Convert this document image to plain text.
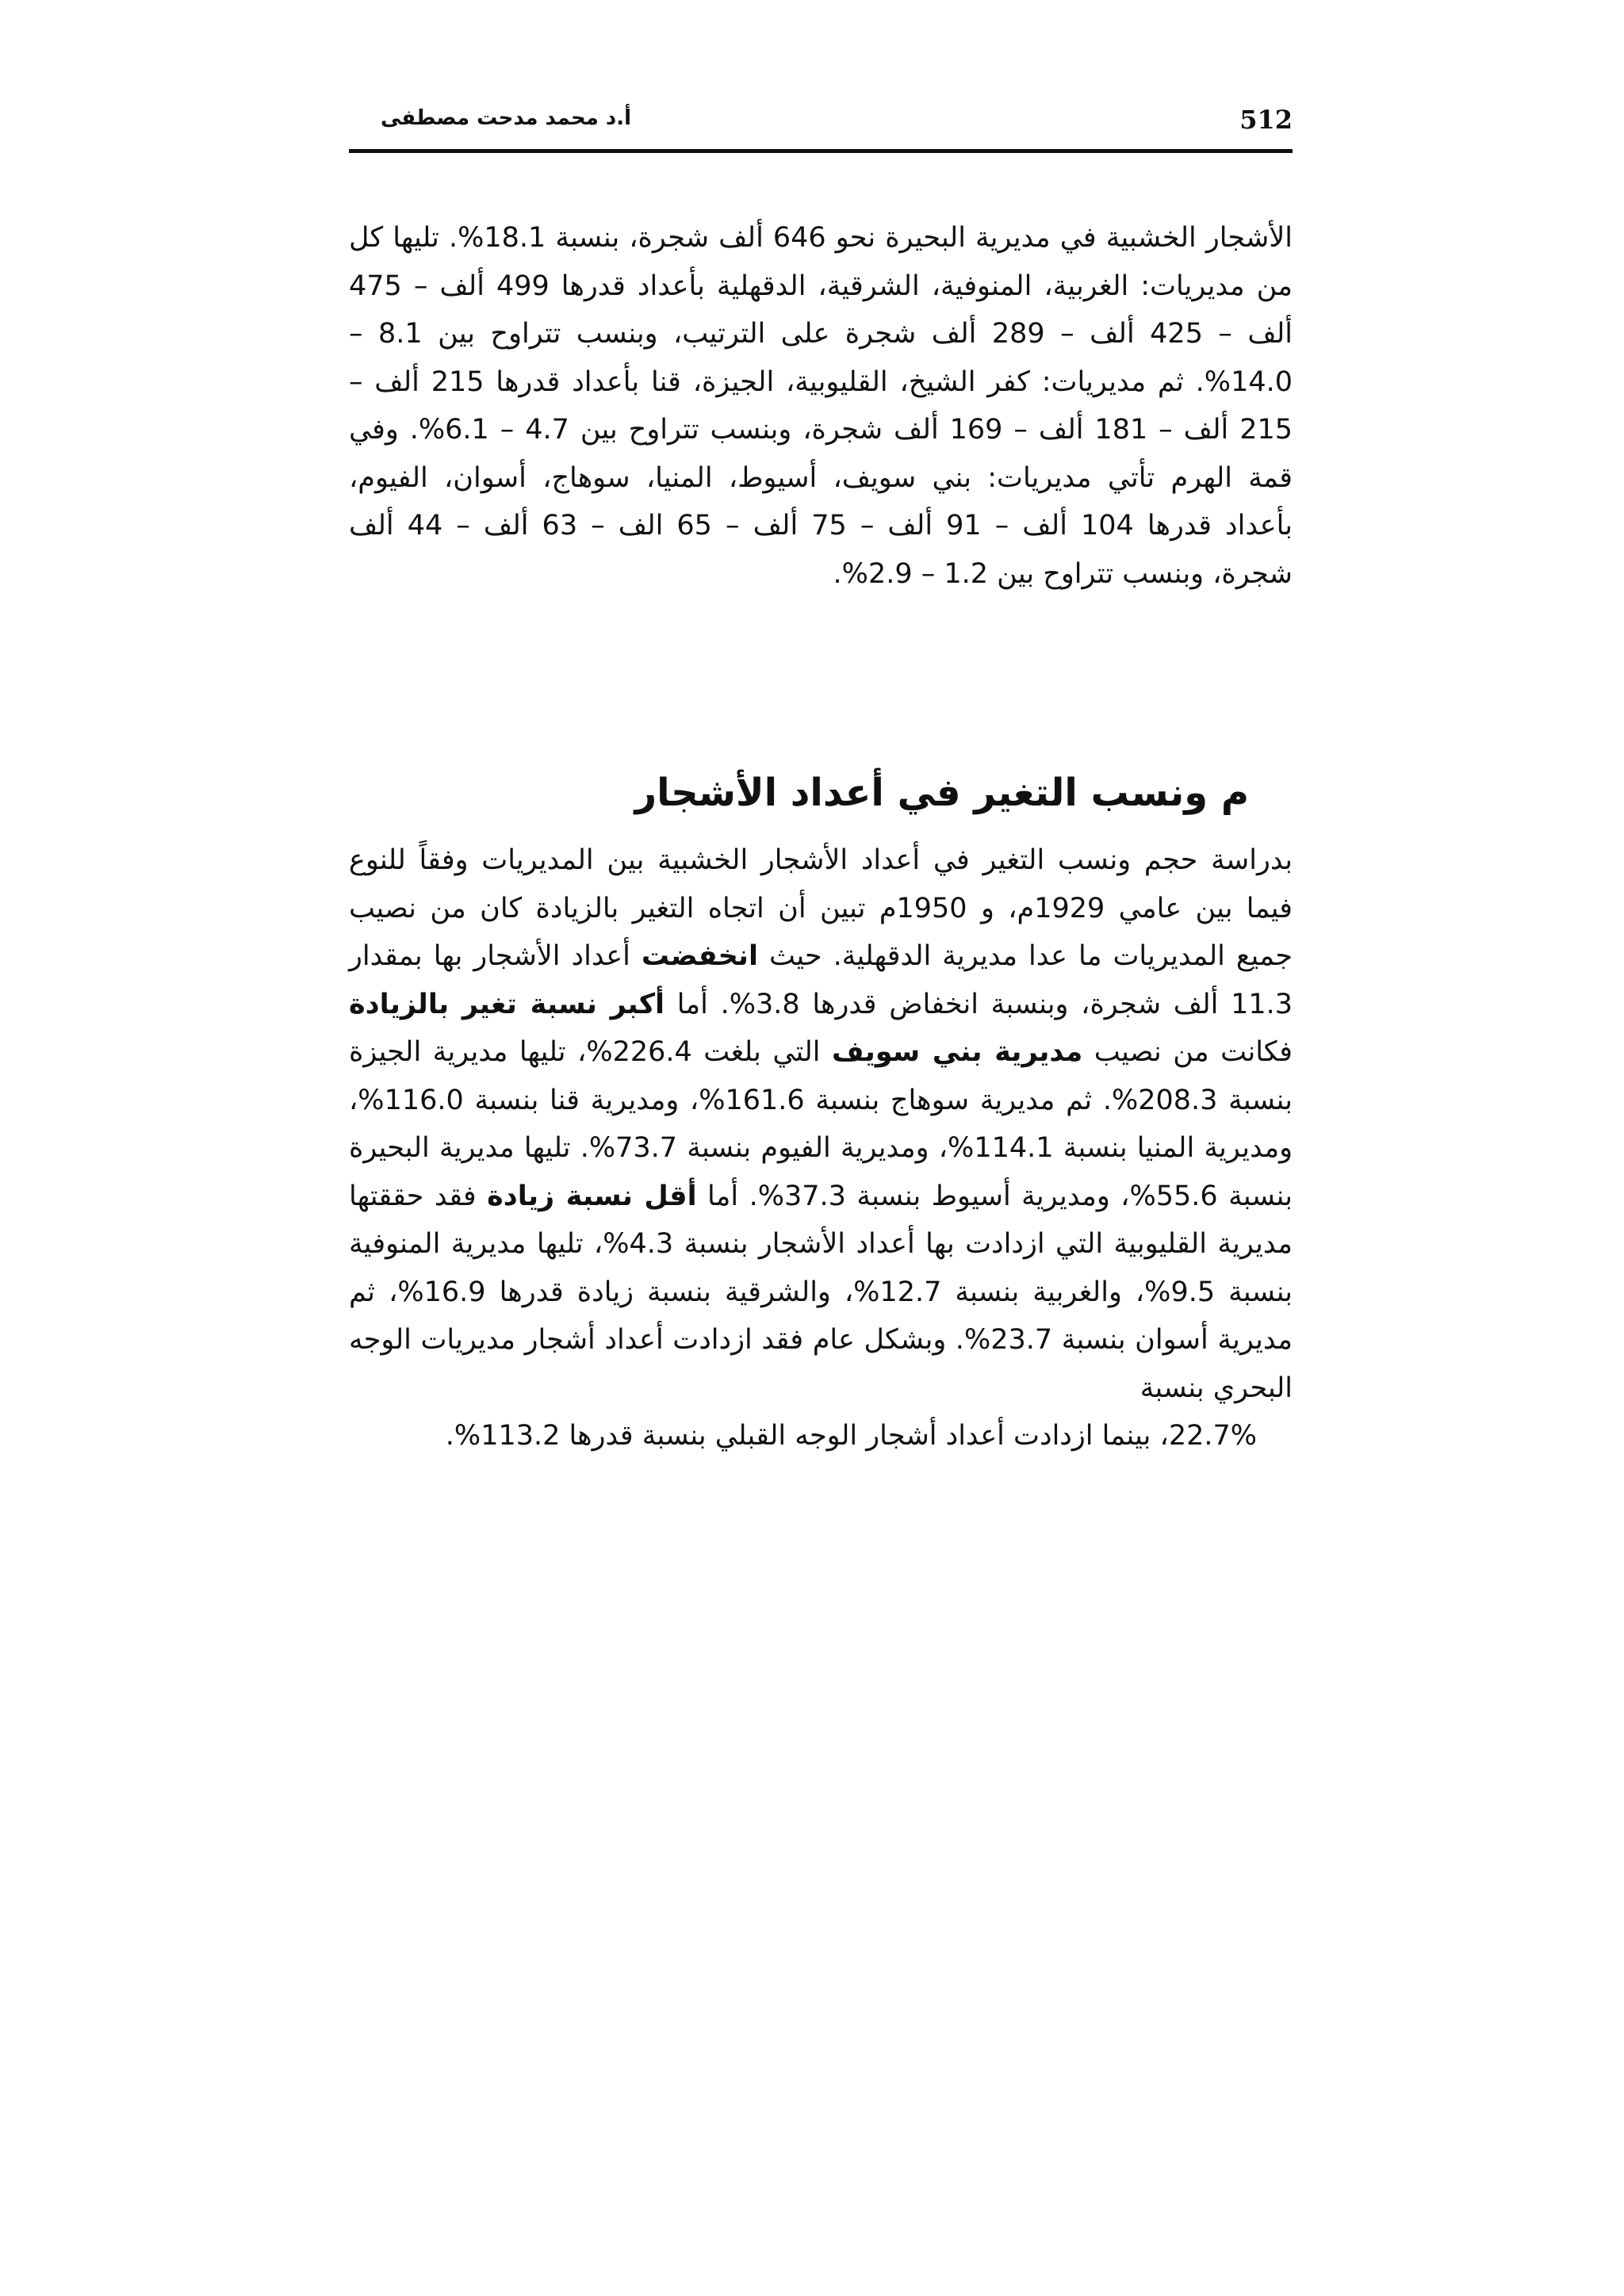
512
أ.د محمد مدحت مصطفى

الأشجار الخشبية في مديرية البحيرة نحو 646 ألف شجرة، بنسبة 18.1%. تليها كل من مديريات: الغربية، المنوفية، الشرقية، الدقهلية بأعداد قدرها 499 ألف – 475 ألف – 425 ألف – 289 ألف شجرة على الترتيب، وبنسب تتراوح بين 8.1 – 14.0%. ثم مديريات: كفر الشيخ، القليوبية، الجيزة، قنا بأعداد قدرها 215 ألف – 215 ألف – 181 ألف – 169 ألف شجرة، وبنسب تتراوح بين 4.7 – 6.1%. وفي قمة الهرم تأتي مديريات: بني سويف، أسيوط، المنيا، سوهاج، أسوان، الفيوم، بأعداد قدرها 104 ألف – 91 ألف – 75 ألف – 65 الف – 63 ألف – 44 ألف شجرة، وبنسب تتراوح بين 1.2 – 2.9%.

م ونسب التغير في أعداد الأشجار

بدراسة حجم ونسب التغير في أعداد الأشجار الخشبية بين المديريات وفقاً للنوع فيما بين عامي 1929م، و 1950م تبين أن اتجاه التغير بالزيادة كان من نصيب جميع المديريات ما عدا مديرية الدقهلية. حيث انخفضت أعداد الأشجار بها بمقدار 11.3 ألف شجرة، وبنسبة انخفاض قدرها 3.8%. أما أكبر نسبة تغير بالزيادة فكانت من نصيب مديرية بني سويف التي بلغت 226.4%، تليها مديرية الجيزة بنسبة 208.3%. ثم مديرية سوهاج بنسبة 161.6%، ومديرية قنا بنسبة 116.0%، ومديرية المنيا بنسبة 114.1%، ومديرية الفيوم بنسبة 73.7%. تليها مديرية البحيرة بنسبة 55.6%، ومديرية أسيوط بنسبة 37.3%. أما أقل نسبة زيادة فقد حققتها مديرية القليوبية التي ازدادت بها أعداد الأشجار بنسبة 4.3%، تليها مديرية المنوفية بنسبة 9.5%، والغربية بنسبة 12.7%، والشرقية بنسبة زيادة قدرها 16.9%، ثم مديرية أسوان بنسبة 23.7%. وبشكل عام فقد ازدادت أعداد أشجار مديريات الوجه البحري بنسبة
22.7%، بينما ازدادت أعداد أشجار الوجه القبلي بنسبة قدرها 113.2%.
